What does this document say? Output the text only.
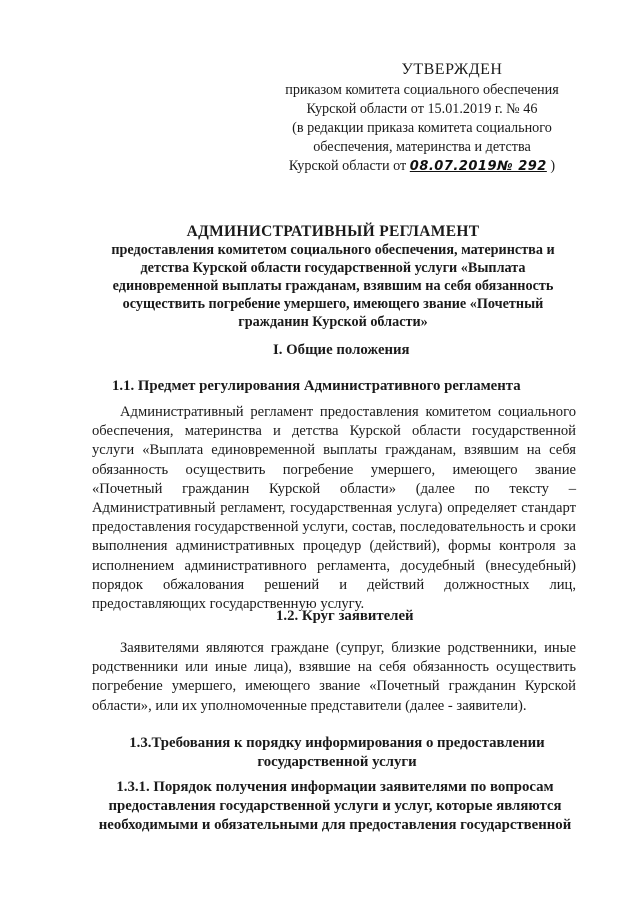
УТВЕРЖДЕН
приказом комитета социального обеспечения
Курской области от 15.01.2019 г. № 46
(в редакции приказа комитета социального
обеспечения, материнства и детства
Курской области от 08.07.2019№ 292 )
АДМИНИСТРАТИВНЫЙ РЕГЛАМЕНТ
предоставления комитетом социального обеспечения, материнства и детства Курской области государственной услуги «Выплата единовременной выплаты гражданам, взявшим на себя обязанность осуществить погребение умершего, имеющего звание «Почетный гражданин Курской области»
I. Общие положения
1.1. Предмет регулирования Административного регламента

Административный регламент предоставления комитетом социального обеспечения, материнства и детства Курской области государственной услуги «Выплата единовременной выплаты гражданам, взявшим на себя обязанность осуществить погребение умершего, имеющего звание «Почетный гражданин Курской области» (далее по тексту – Административный регламент, государственная услуга) определяет стандарт предоставления государственной услуги, состав, последовательность и сроки выполнения административных процедур (действий), формы контроля за исполнением административного регламента, досудебный (внесудебный) порядок обжалования решений и действий должностных лиц, предоставляющих государственную услугу.

1.2. Круг заявителей

Заявителями являются граждане (супруг, близкие родственники, иные родственники или иные лица), взявшие на себя обязанность осуществить погребение умершего, имеющего звание «Почетный гражданин Курской области», или их уполномоченные представители (далее - заявители).

1.3.Требования к порядку информирования о предоставлении государственной услуги
1.3.1. Порядок получения информации заявителями по вопросам предоставления государственной услуги и услуг, которые являются необходимыми и обязательными для предоставления государственной
